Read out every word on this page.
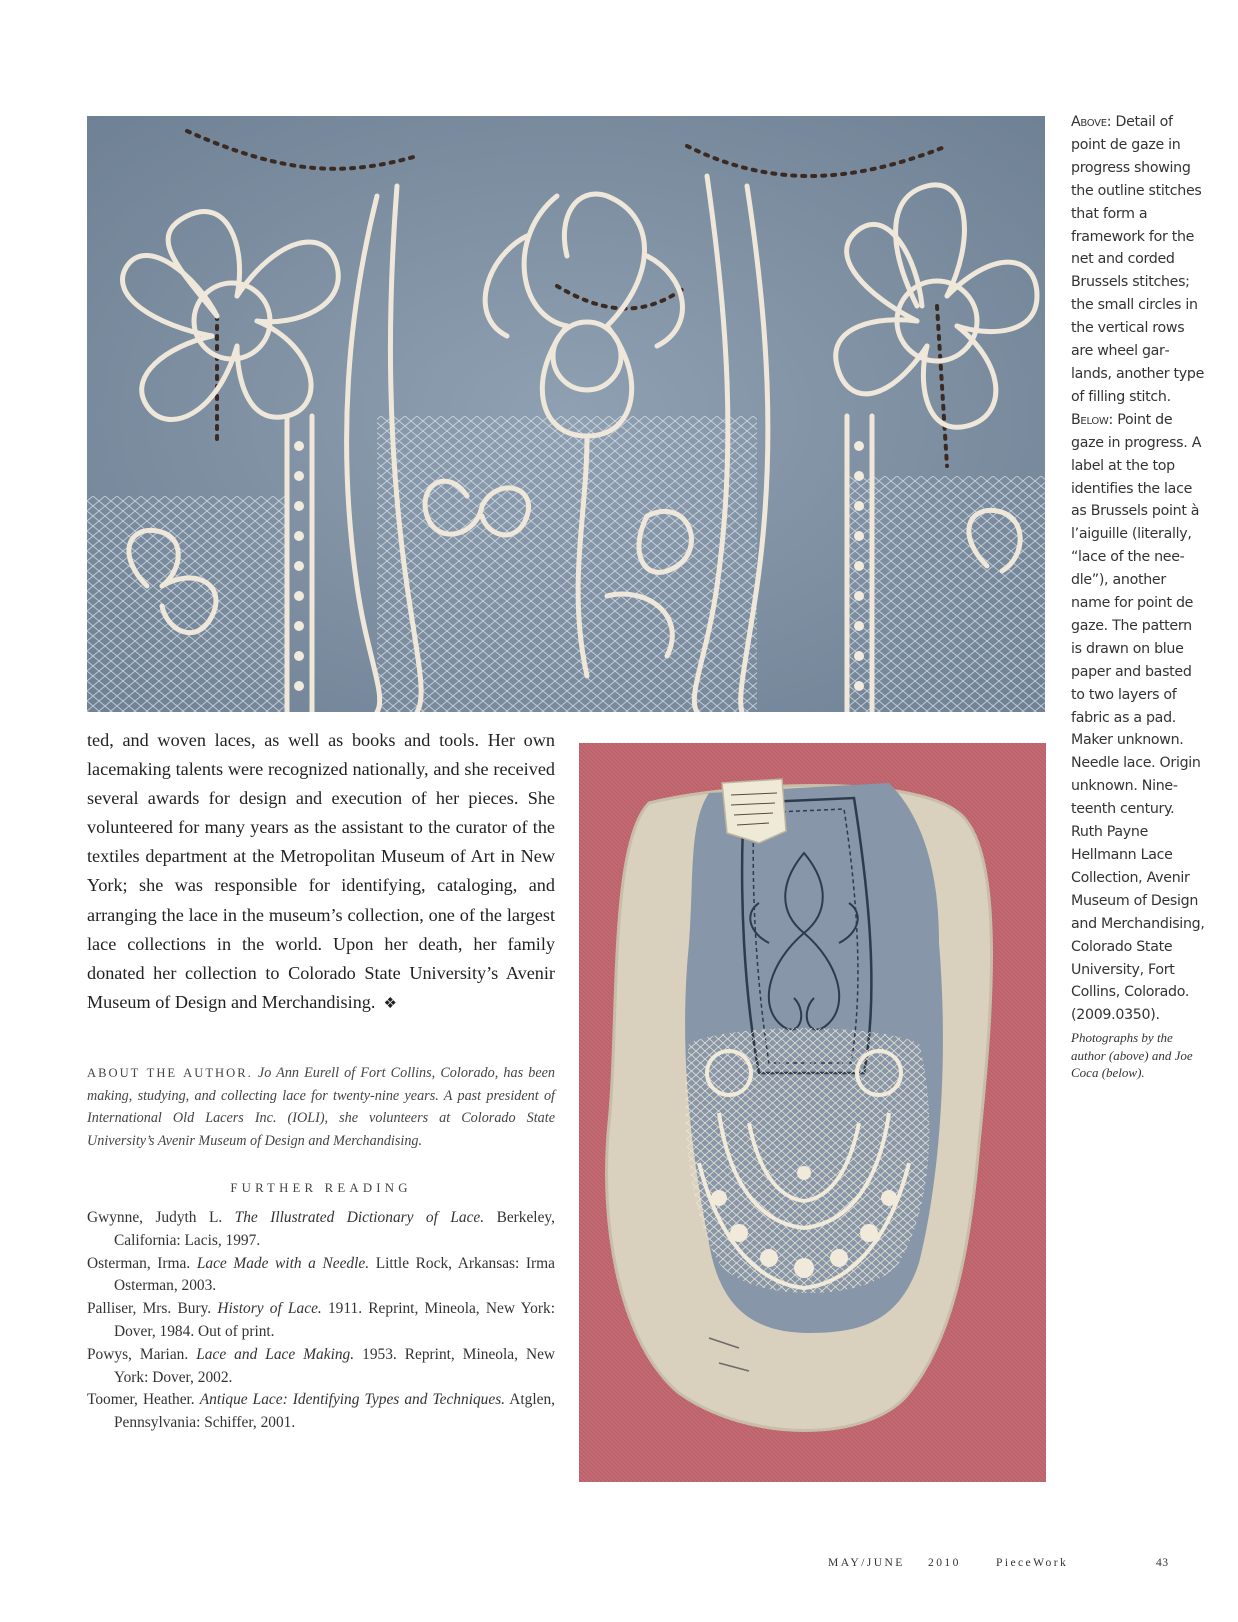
Above: Detail of point de gaze in progress showing the outline stitches that form a framework for the net and corded Brussels stitches; the small circles in the vertical rows are wheel garlands, another type of filling stitch. Below: Point de gaze in progress. A label at the top identifies the lace as Brussels point à l’aiguille (literally, “lace of the needle”), another name for point de gaze. The pattern is drawn on blue paper and basted to two layers of fabric as a pad. Maker unknown. Needle lace. Origin unknown. Nineteenth century. Ruth Payne Hellmann Lace Collection, Avenir Museum of Design and Merchandising, Colorado State University, Fort Collins, Colorado. (2009.0350).
Photographs by the author (above) and Joe Coca (below).
ted, and woven laces, as well as books and tools. Her own lacemaking talents were recognized nationally, and she received several awards for design and execution of her pieces. She volunteered for many years as the assistant to the curator of the textiles department at the Metropolitan Museum of Art in New York; she was responsible for identifying, cataloging, and arranging the lace in the museum’s collection, one of the largest lace collections in the world. Upon her death, her family donated her collection to Colorado State University’s Avenir Museum of Design and Merchandising. ❖
ABOUT THE AUTHOR. Jo Ann Eurell of Fort Collins, Colorado, has been making, studying, and collecting lace for twenty-nine years. A past president of International Old Lacers Inc. (IOLI), she volunteers at Colorado State University’s Avenir Museum of Design and Merchandising.
FURTHER READING

Gwynne, Judyth L. The Illustrated Dictionary of Lace. Berkeley, California: Lacis, 1997.

Osterman, Irma. Lace Made with a Needle. Little Rock, Arkansas: Irma Osterman, 2003.

Palliser, Mrs. Bury. History of Lace. 1911. Reprint, Mineola, New York: Dover, 1984. Out of print.

Powys, Marian. Lace and Lace Making. 1953. Reprint, Mineola, New York: Dover, 2002.

Toomer, Heather. Antique Lace: Identifying Types and Techniques. Atglen, Pennsylvania: Schiffer, 2001.

MAY/JUNE 2010	PieceWork	43
